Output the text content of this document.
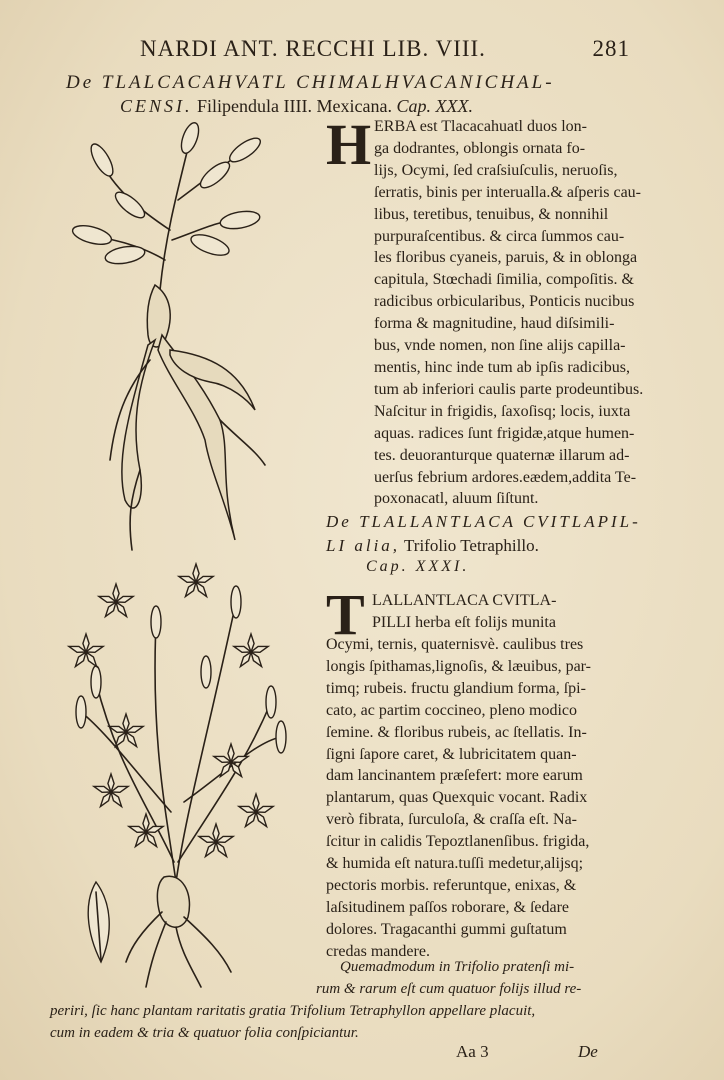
NARDI ANT. RECCHI LIB. VIII.	281
De TLALCACAHVATL CHIMALHVACANICHAL-
CENSI. Filipendula IIII. Mexicana. Cap. XXX.
H ERBA est Tlacacahuatl duos lon-
ga dodrantes, oblongis ornata fo-
lijs, Ocymi, ſed craſsiuſculis, neruoſis,
ſerratis, binis per interualla.& aſperis cau-
libus, teretibus, tenuibus, & nonnihil
purpuraſcentibus. & circa ſummos cau-
les floribus cyaneis, paruis, & in oblonga
capitula, Stœchadi ſimilia, compoſitis. &
radicibus orbicularibus, Ponticis nucibus
forma & magnitudine, haud diſsimili-
bus, vnde nomen, non ſine alijs capilla-
mentis, hinc inde tum ab ipſis radicibus,
tum ab inferiori caulis parte prodeuntibus.
Naſcitur in frigidis, ſaxoſisq; locis, iuxta
aquas. radices ſunt frigidæ,atque humen-
tes. deuoranturque quaternæ illarum ad-
uerſus febrium ardores.eædem,addita Te-
poxonacatl, aluum ſiſtunt.
De TLALLANTLACA CVITLAPIL-
LI alia, Trifolio Tetraphillo.
Cap. XXXI.
T LALLANTLACA CVITLA-
PILLI herba eſt folijs munita
Ocymi, ternis, quaternisvè. caulibus tres
longis ſpithamas,lignoſis, & læuibus, par-
timq; rubeis. fructu glandium forma, ſpi-
cato, ac partim coccineo, pleno modico
ſemine. & floribus rubeis, ac ſtellatis. In-
ſigni ſapore caret, & lubricitatem quan-
dam lancinantem præſefert: more earum
plantarum, quas Quexquic vocant. Radix
verò fibrata, ſurculoſa, & craſſa eſt. Na-
ſcitur in calidis Tepoztlanenſibus. frigida,
& humida eſt natura.tuſſi medetur,alijsq;
pectoris morbis. referuntque, enixas, &
laſsitudinem paſſos roborare, & ſedare
dolores. Tragacanthi gummi guſtatum
credas mandere.
Quemadmodum in Trifolio pratenſi mi-
rum & rarum eſt cum quatuor folijs illud re-
periri, ſic hanc plantam raritatis gratia Trifolium Tetraphyllon appellare placuit,
cum in eadem & tria & quatuor folia conſpiciantur.
Aa 3	De
